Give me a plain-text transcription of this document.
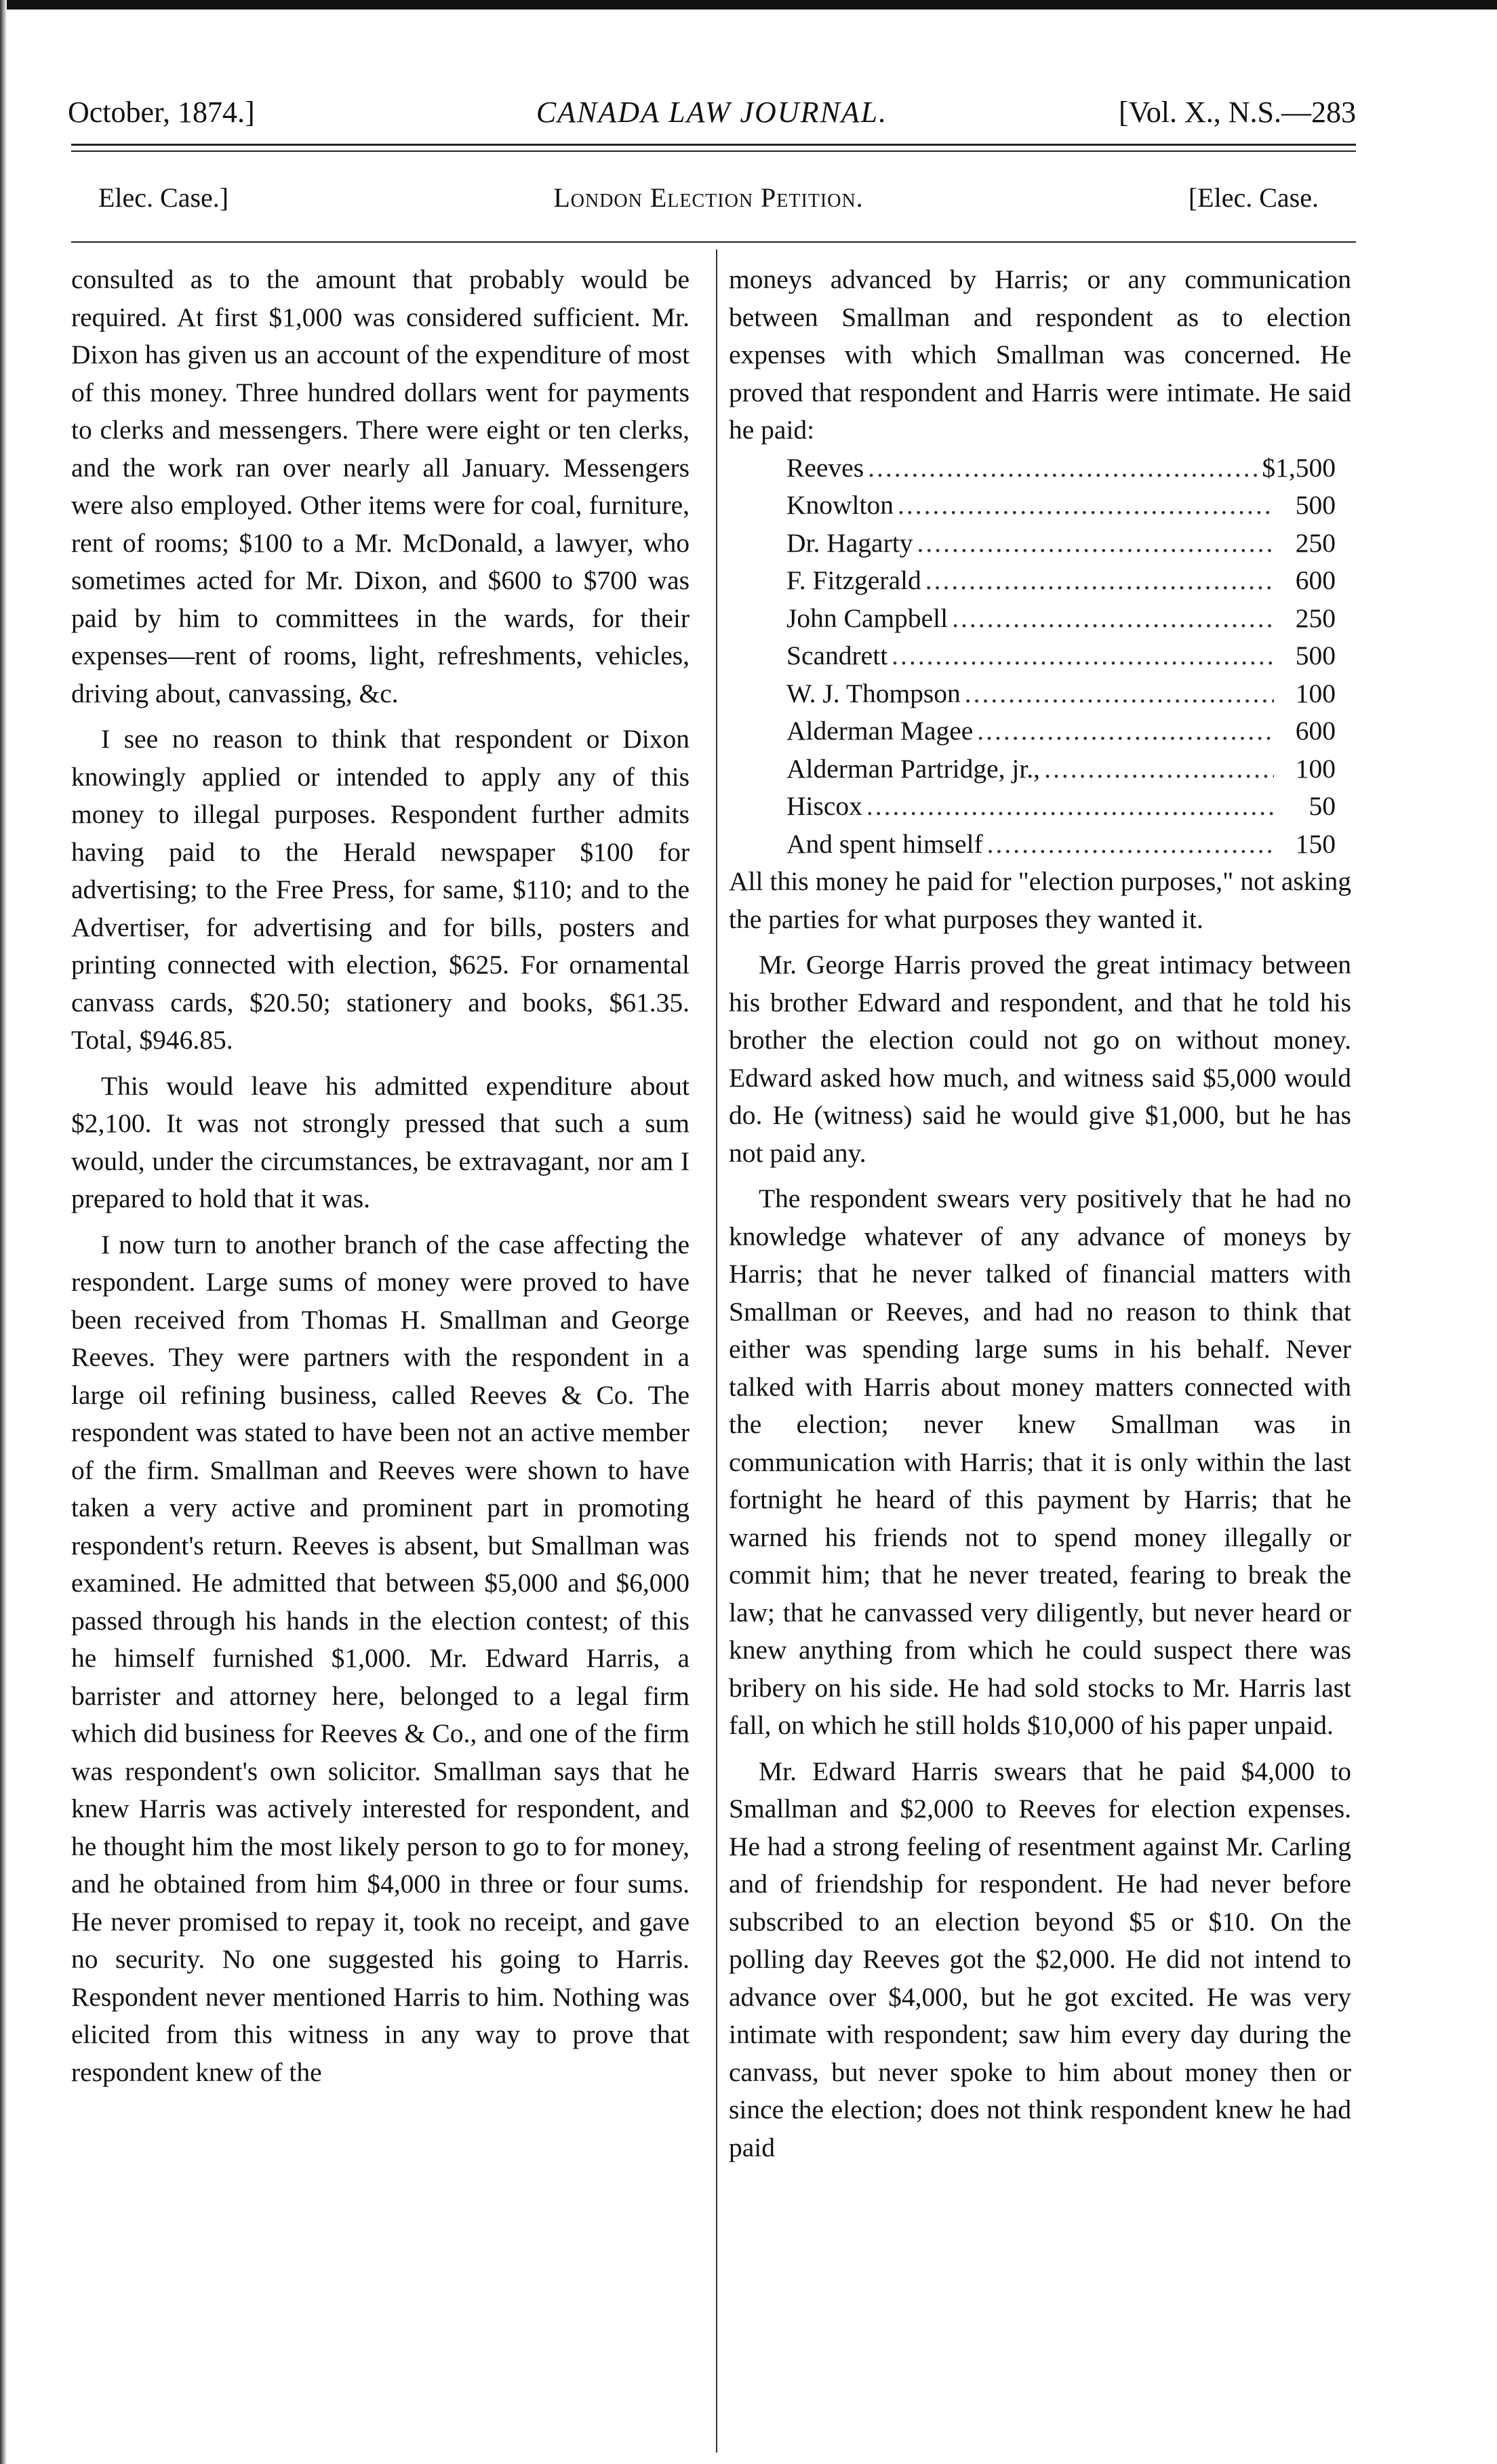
October, 1874.]	CANADA LAW JOURNAL.	[Vol. X., N.S.—283
Elec. Case.]	London Election Petition.	[Elec. Case.

consulted as to the amount that probably would be required. At first $1,000 was considered sufficient. Mr. Dixon has given us an account of the expenditure of most of this money. Three hundred dollars went for payments to clerks and messengers. There were eight or ten clerks, and the work ran over nearly all January. Messengers were also employed. Other items were for coal, furniture, rent of rooms; $100 to a Mr. McDonald, a lawyer, who sometimes acted for Mr. Dixon, and $600 to $700 was paid by him to committees in the wards, for their expenses—rent of rooms, light, refreshments, vehicles, driving about, canvassing, &c.

I see no reason to think that respondent or Dixon knowingly applied or intended to apply any of this money to illegal purposes. Respondent further admits having paid to the Herald newspaper $100 for advertising; to the Free Press, for same, $110; and to the Advertiser, for advertising and for bills, posters and printing connected with election, $625. For ornamental canvass cards, $20.50; stationery and books, $61.35. Total, $946.85.

This would leave his admitted expenditure about $2,100. It was not strongly pressed that such a sum would, under the circumstances, be extravagant, nor am I prepared to hold that it was.

I now turn to another branch of the case affecting the respondent. Large sums of money were proved to have been received from Thomas H. Smallman and George Reeves. They were partners with the respondent in a large oil refining business, called Reeves & Co. The respondent was stated to have been not an active member of the firm. Smallman and Reeves were shown to have taken a very active and prominent part in promoting respondent's return. Reeves is absent, but Smallman was examined. He admitted that between $5,000 and $6,000 passed through his hands in the election contest; of this he himself furnished $1,000. Mr. Edward Harris, a barrister and attorney here, belonged to a legal firm which did business for Reeves & Co., and one of the firm was respondent's own solicitor. Smallman says that he knew Harris was actively interested for respondent, and he thought him the most likely person to go to for money, and he obtained from him $4,000 in three or four sums. He never promised to repay it, took no receipt, and gave no security. No one suggested his going to Harris. Respondent never mentioned Harris to him. Nothing was elicited from this witness in any way to prove that respondent knew of the

moneys advanced by Harris; or any communication between Smallman and respondent as to election expenses with which Smallman was concerned. He proved that respondent and Harris were intimate. He said he paid:

Reeves .....	$1,500
Knowlton .....	500
Dr. Hagarty .....	250
F. Fitzgerald .....	600
John Campbell .....	250
Scandrett .....	500
W. J. Thompson .....	100
Alderman Magee .....	600
Alderman Partridge, jr., .....	100
Hiscox .....	50
And spent himself .....	150

All this money he paid for "election purposes," not asking the parties for what purposes they wanted it.

Mr. George Harris proved the great intimacy between his brother Edward and respondent, and that he told his brother the election could not go on without money. Edward asked how much, and witness said $5,000 would do. He (witness) said he would give $1,000, but he has not paid any.

The respondent swears very positively that he had no knowledge whatever of any advance of moneys by Harris; that he never talked of financial matters with Smallman or Reeves, and had no reason to think that either was spending large sums in his behalf. Never talked with Harris about money matters connected with the election; never knew Smallman was in communication with Harris; that it is only within the last fortnight he heard of this payment by Harris; that he warned his friends not to spend money illegally or commit him; that he never treated, fearing to break the law; that he canvassed very diligently, but never heard or knew anything from which he could suspect there was bribery on his side. He had sold stocks to Mr. Harris last fall, on which he still holds $10,000 of his paper unpaid.

Mr. Edward Harris swears that he paid $4,000 to Smallman and $2,000 to Reeves for election expenses. He had a strong feeling of resentment against Mr. Carling and of friendship for respondent. He had never before subscribed to an election beyond $5 or $10. On the polling day Reeves got the $2,000. He did not intend to advance over $4,000, but he got excited. He was very intimate with respondent; saw him every day during the canvass, but never spoke to him about money then or since the election; does not think respondent knew he had paid
